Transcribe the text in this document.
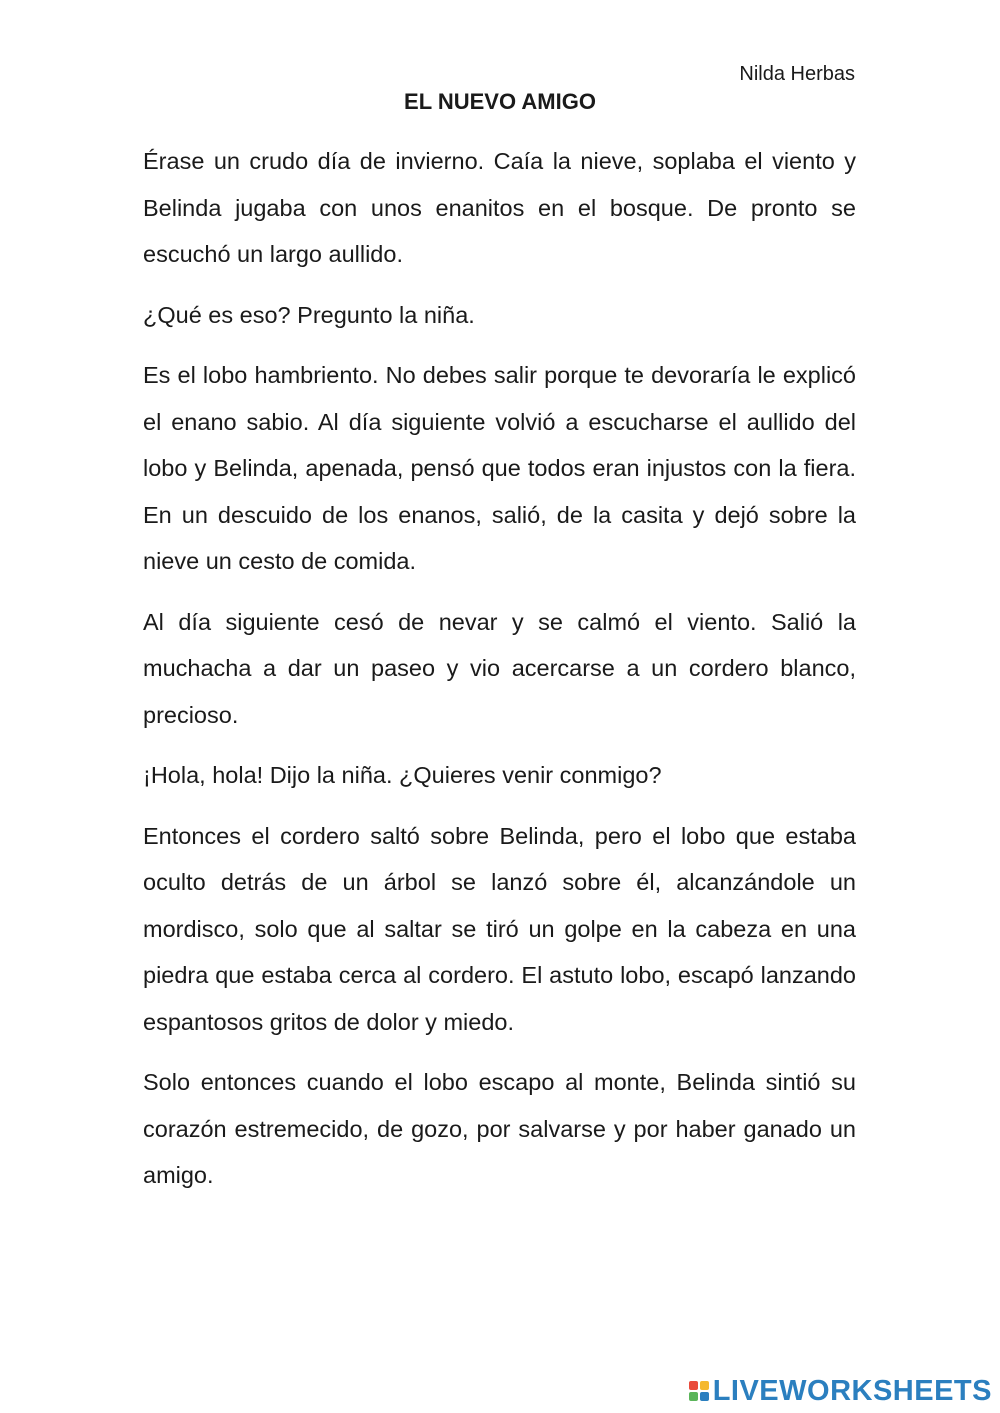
Nilda Herbas
EL NUEVO AMIGO

Érase un crudo día de invierno. Caía la nieve, soplaba el viento y Belinda jugaba con unos enanitos en el bosque. De pronto se escuchó un largo aullido.

¿Qué es eso? Pregunto la niña.

Es el lobo hambriento. No debes salir porque te devoraría le explicó el enano sabio. Al día siguiente volvió a escucharse el aullido del lobo y Belinda, apenada, pensó que todos eran injustos con la fiera. En un descuido de los enanos, salió, de la casita y dejó sobre la nieve un cesto de comida.

Al día siguiente cesó de nevar y se calmó el viento. Salió la muchacha a dar un paseo y vio acercarse a un cordero blanco, precioso.

¡Hola, hola! Dijo la niña. ¿Quieres venir conmigo?

Entonces el cordero saltó sobre Belinda, pero el lobo que estaba oculto detrás de un árbol se lanzó sobre él, alcanzándole un mordisco, solo que al saltar se tiró un golpe en la cabeza en una piedra que estaba cerca al cordero. El astuto lobo, escapó lanzando espantosos gritos de dolor y miedo.

Solo entonces cuando el lobo escapo al monte, Belinda sintió su corazón estremecido, de gozo, por salvarse y por haber ganado un amigo.

LIVEWORKSHEETS
